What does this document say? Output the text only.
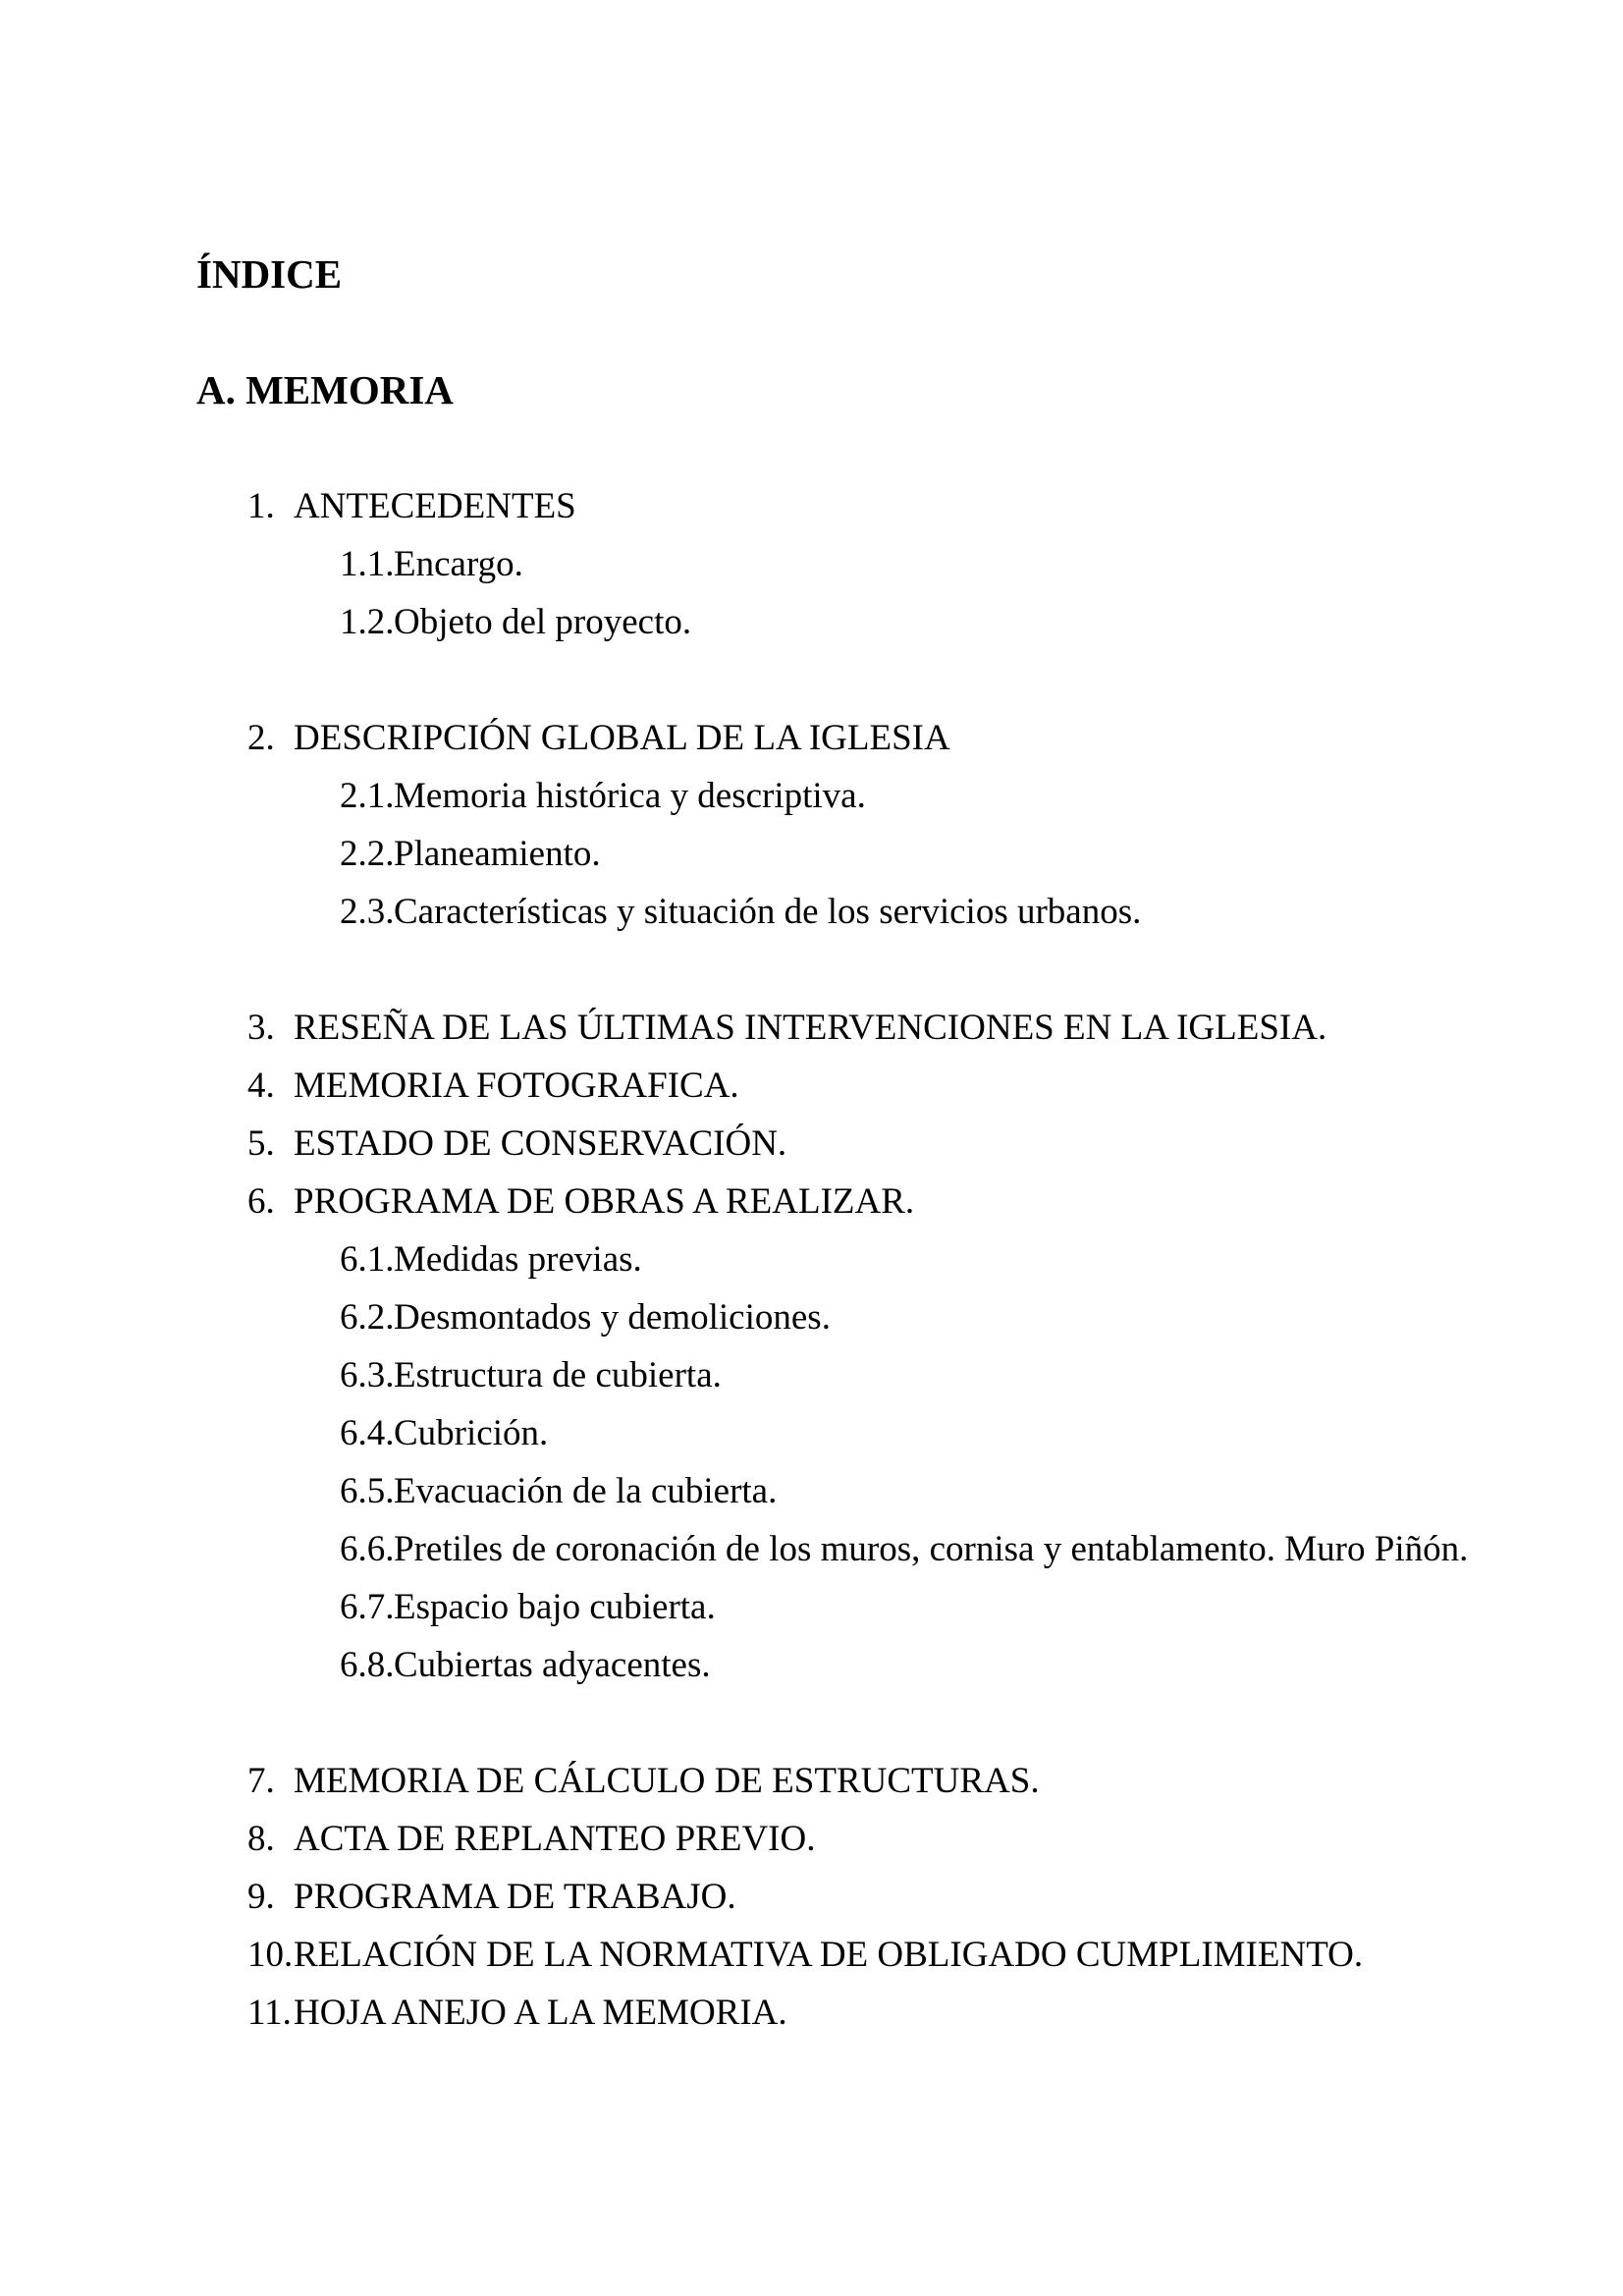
ÍNDICE
A. MEMORIA
1. ANTECEDENTES
1.1. Encargo.
1.2. Objeto del proyecto.
2. DESCRIPCIÓN GLOBAL DE LA IGLESIA
2.1. Memoria histórica y descriptiva.
2.2. Planeamiento.
2.3. Características y situación de los servicios urbanos.
3. RESEÑA DE LAS ÚLTIMAS INTERVENCIONES EN LA IGLESIA.
4. MEMORIA FOTOGRAFICA.
5. ESTADO DE CONSERVACIÓN.
6. PROGRAMA DE OBRAS A REALIZAR.
6.1. Medidas previas.
6.2. Desmontados y demoliciones.
6.3. Estructura de cubierta.
6.4. Cubrición.
6.5. Evacuación de la cubierta.
6.6. Pretiles de coronación de los muros, cornisa y entablamento. Muro Piñón.
6.7. Espacio bajo cubierta.
6.8. Cubiertas adyacentes.
7. MEMORIA DE CÁLCULO DE ESTRUCTURAS.
8. ACTA DE REPLANTEO PREVIO.
9. PROGRAMA DE TRABAJO.
10. RELACIÓN DE LA NORMATIVA DE OBLIGADO CUMPLIMIENTO.
11. HOJA ANEJO A LA MEMORIA.
